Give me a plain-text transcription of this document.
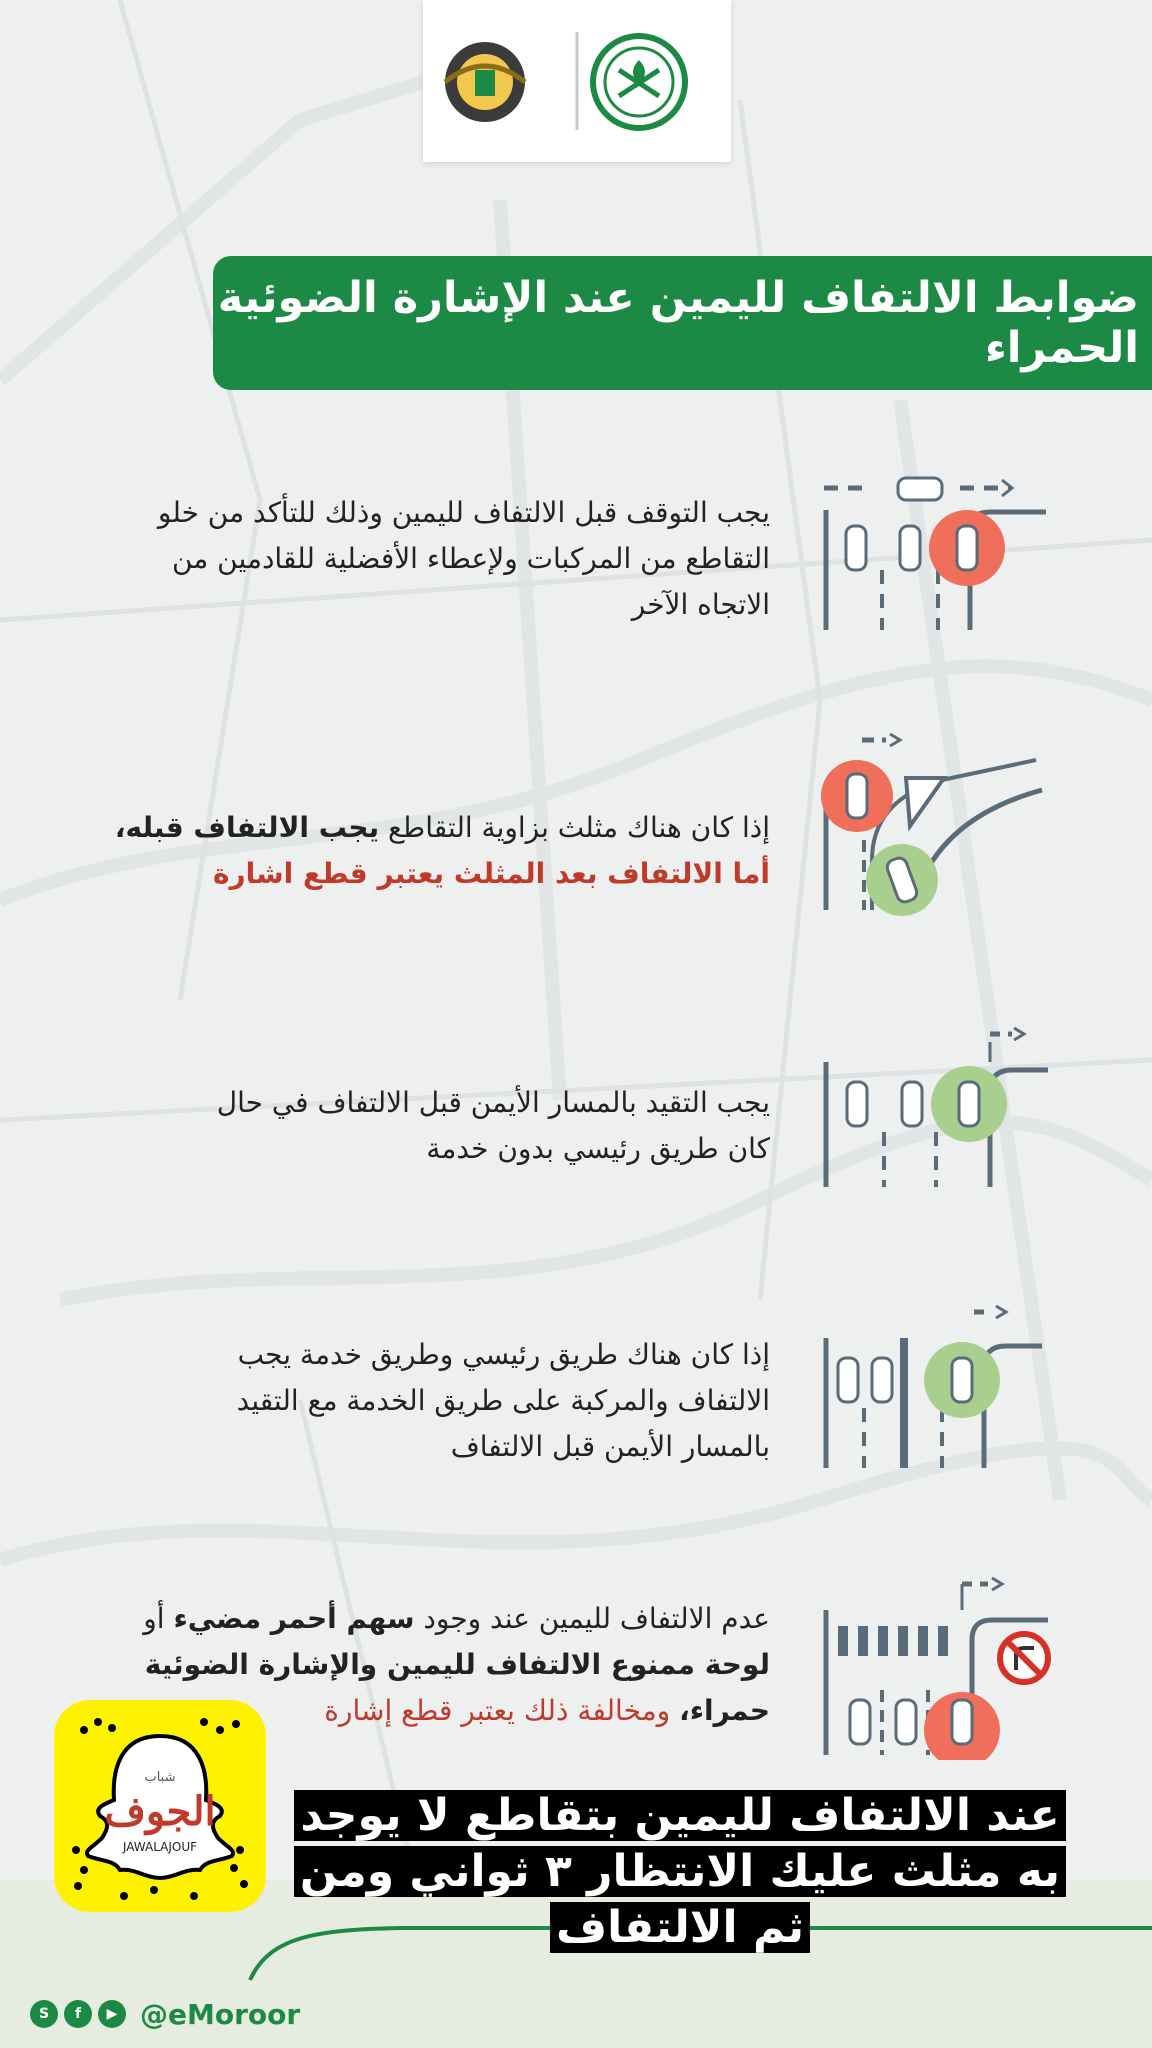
ضوابط الالتفاف لليمين عند الإشارة الضوئية الحمراء
يجب التوقف قبل الالتفاف لليمين وذلك للتأكد من خلو
التقاطع من المركبات ولإعطاء الأفضلية للقادمين من
الاتجاه الآخر
إذا كان هناك مثلث بزاوية التقاطع يجب الالتفاف قبله،
أما الالتفاف بعد المثلث يعتبر قطع اشارة
يجب التقيد بالمسار الأيمن قبل الالتفاف في حال
كان طريق رئيسي بدون خدمة
إذا كان هناك طريق رئيسي وطريق خدمة يجب
الالتفاف والمركبة على طريق الخدمة مع التقيد
بالمسار الأيمن قبل الالتفاف
عدم الالتفاف لليمين عند وجود سهم أحمر مضيء أو
لوحة ممنوع الالتفاف لليمين والإشارة الضوئية
حمراء، ومخالفة ذلك يعتبر قطع إشارة
شباب
الجوف
JAWALAJOUF
عند الالتفاف لليمين بتقاطع لا يوجد به مثلث عليك الانتظار ٣ ثواني ومن ثم الالتفاف
S	f	▶ @eMoroor
